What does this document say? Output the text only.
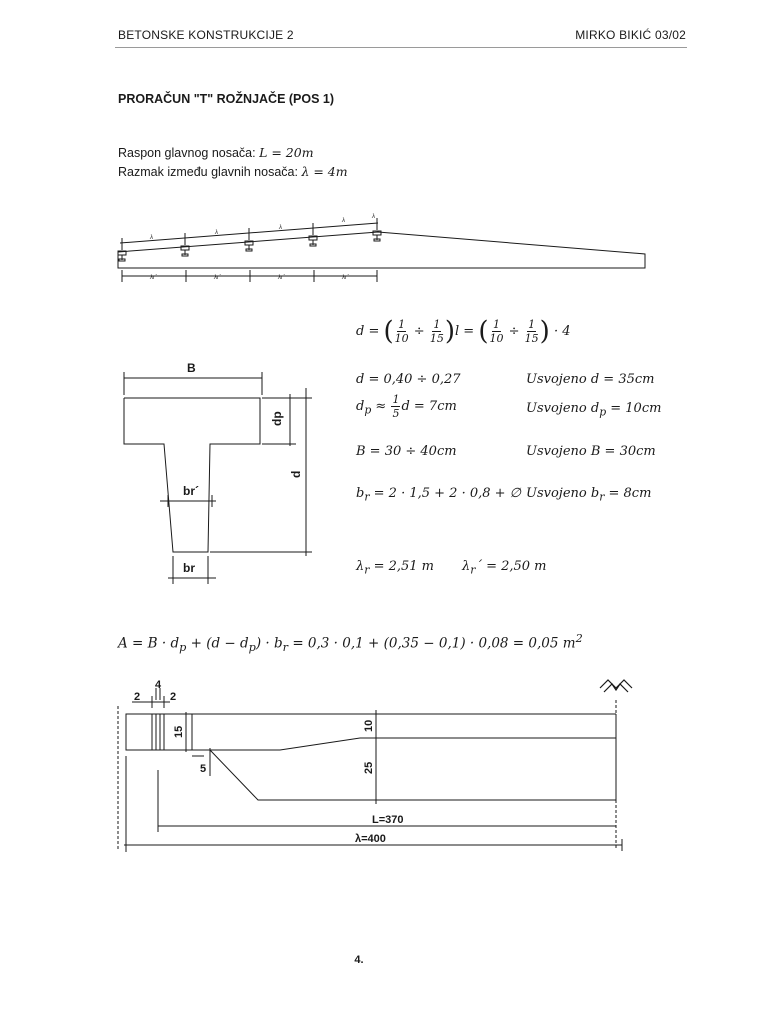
BETONSKE KONSTRUKCIJE 2	MIRKO BIKIĆ 03/02
PRORAČUN "T" ROŽNJAČE (POS 1)
Raspon glavnog nosača: L = 20m
Razmak između glavnih nosača: λ = 4m
λ
λ
λ
λ
λ
λr´	λr´	λr´	λr´
B
dp
d
br´
br
d = ( $\frac{1}{10} \div \frac{1}{15} )l$ = ( $\frac{1}{10} \div \frac{1}{15}$ ) · 4
d = 0,40 ÷ 0,27	Usvojeno d = 35cm
$d_p \approx \frac{1}{5}$ d = 7cm	Usvojeno $d_p = 10cm$
B = 30 ÷ 40cm	Usvojeno B = 30cm
$b_r = 2 \cdot 1,5 + 2 \cdot 0,8$ + ∅ Usvojeno $b_r = 8cm$
$\lambda_r = 2,51$ m $\lambda_r´ = 2,50$ m
$A = B \cdot d_p + (d - d_p) \cdot b_r = 0,3 \cdot 0,1 + (0,35 - 0,1) \cdot 0,08 = 0,05$ $m^2$
4
2	2
15
5
10
25
L=370
λ=400
4.
